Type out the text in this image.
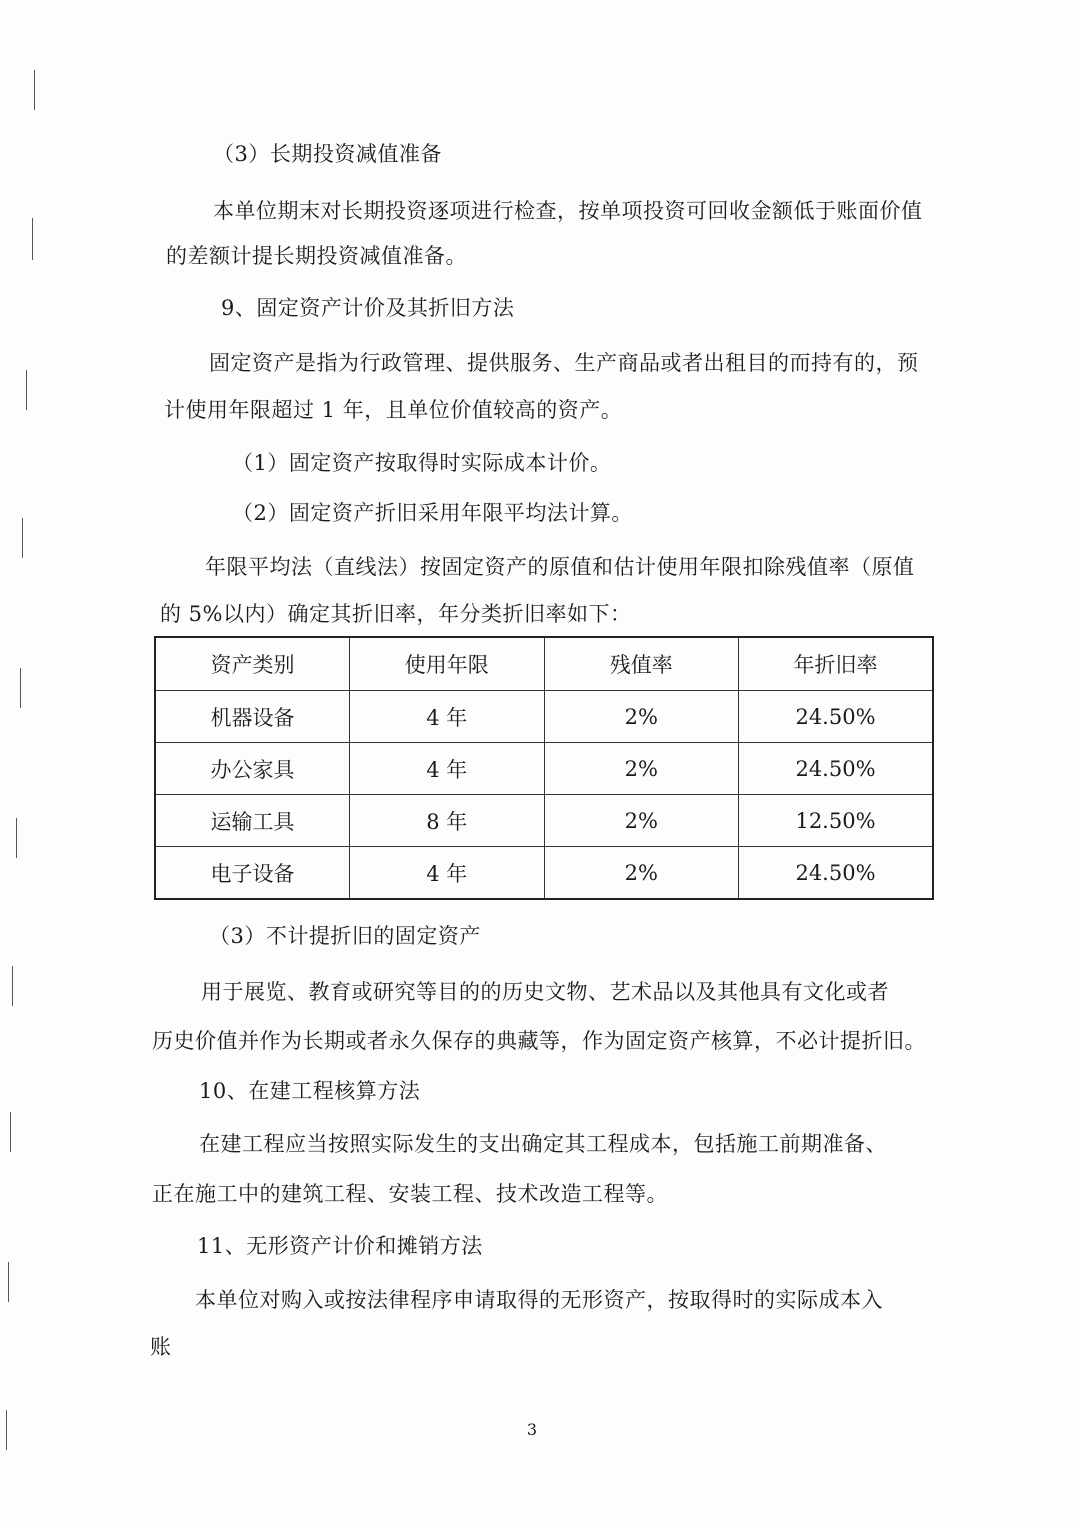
（3）长期投资减值准备
本单位期末对长期投资逐项进行检查，按单项投资可回收金额低于账面价值
的差额计提长期投资减值准备。
9、固定资产计价及其折旧方法
固定资产是指为行政管理、提供服务、生产商品或者出租目的而持有的，预
计使用年限超过 1 年，且单位价值较高的资产。
（1）固定资产按取得时实际成本计价。
（2）固定资产折旧采用年限平均法计算。
年限平均法（直线法）按固定资产的原值和估计使用年限扣除残值率（原值
的 5%以内）确定其折旧率，年分类折旧率如下：
资产类别	使用年限	残值率	年折旧率
机器设备	4 年	2%	24.50%
办公家具	4 年	2%	24.50%
运输工具	8 年	2%	12.50%
电子设备	4 年	2%	24.50%
（3）不计提折旧的固定资产
用于展览、教育或研究等目的的历史文物、艺术品以及其他具有文化或者
历史价值并作为长期或者永久保存的典藏等，作为固定资产核算，不必计提折旧。
10、在建工程核算方法
在建工程应当按照实际发生的支出确定其工程成本，包括施工前期准备、
正在施工中的建筑工程、安装工程、技术改造工程等。
11、无形资产计价和摊销方法
本单位对购入或按法律程序申请取得的无形资产，按取得时的实际成本入
账
3
